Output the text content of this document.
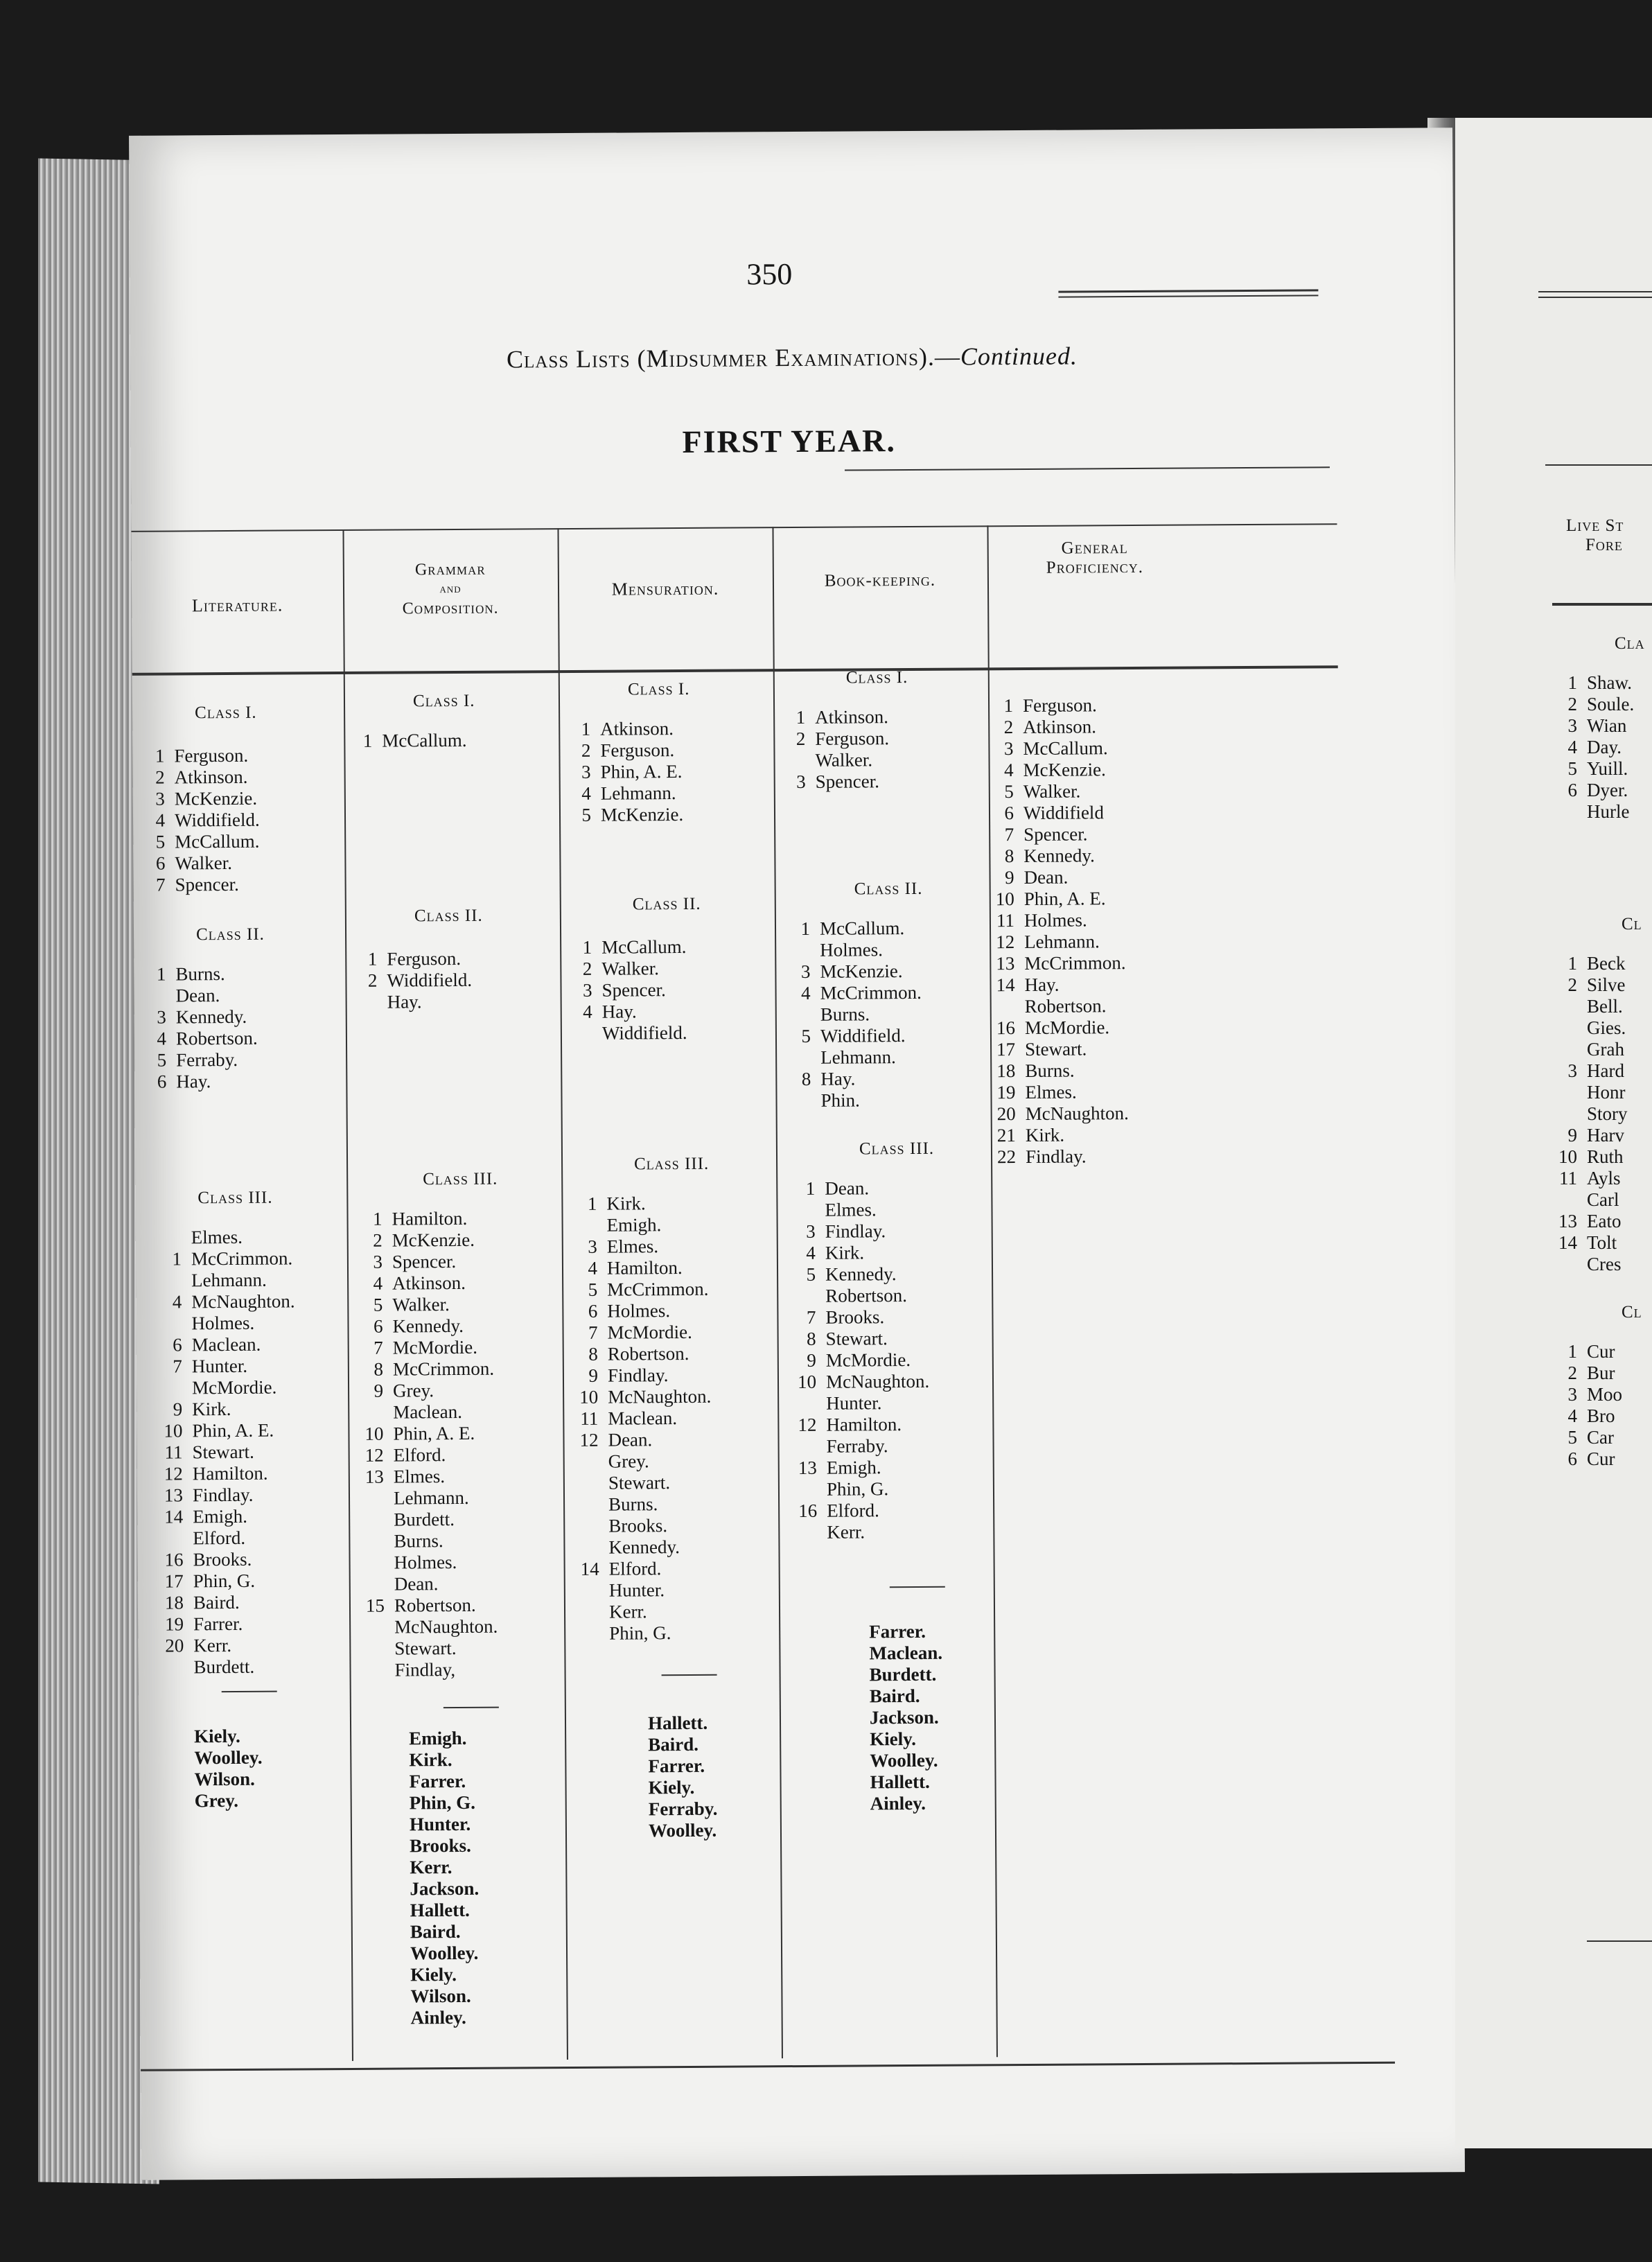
350
Class Lists (Midsummer Examinations).—Continued.
FIRST YEAR.
Literature.
Grammar
and
Composition.
Mensuration.	Book-keeping.
General
Proficiency.
Class I.
1 Ferguson.
2 Atkinson.
3 McKenzie.
4 Widdifield.
5 McCallum.
6 Walker.
7 Spencer.
Class II.
1 Burns.
Dean.
3 Kennedy.
4 Robertson.
5 Ferraby.
6 Hay.
Class III.
Elmes.
1 McCrimmon.
Lehmann.
4 McNaughton.
Holmes.
6 Maclean.
7 Hunter.
McMordie.
9 Kirk.
10 Phin, A. E.
11 Stewart.
12 Hamilton.
13 Findlay.
14 Emigh.
Elford.
16 Brooks.
17 Phin, G.
18 Baird.
19 Farrer.
20 Kerr.
Burdett.
Kiely.
Woolley.
Wilson.
Grey.
Class I.
1 McCallum.
Class II.
1 Ferguson.
2 Widdifield.
Hay.
Class III.
1 Hamilton.
2 McKenzie.
3 Spencer.
4 Atkinson.
5 Walker.
6 Kennedy.
7 McMordie.
8 McCrimmon.
9 Grey.
Maclean.
10 Phin, A. E.
12 Elford.
13 Elmes.
Lehmann.
Burdett.
Burns.
Holmes.
Dean.
15 Robertson.
McNaughton.
Stewart.
Findlay,
Emigh.
Kirk.
Farrer.
Phin, G.
Hunter.
Brooks.
Kerr.
Jackson.
Hallett.
Baird.
Woolley.
Kiely.
Wilson.
Ainley.
Class I.
1 Atkinson.
2 Ferguson.
3 Phin, A. E.
4 Lehmann.
5 McKenzie.
Class II.
1 McCallum.
2 Walker.
3 Spencer.
4 Hay.
Widdifield.
Class III.
1 Kirk.
Emigh.
3 Elmes.
4 Hamilton.
5 McCrimmon.
6 Holmes.
7 McMordie.
8 Robertson.
9 Findlay.
10 McNaughton.
11 Maclean.
12 Dean.
Grey.
Stewart.
Burns.
Brooks.
Kennedy.
14 Elford.
Hunter.
Kerr.
Phin, G.
Hallett.
Baird.
Farrer.
Kiely.
Ferraby.
Woolley.
Class I.
1 Atkinson.
2 Ferguson.
Walker.
3 Spencer.
Class II.
1 McCallum.
Holmes.
3 McKenzie.
4 McCrimmon.
Burns.
5 Widdifield.
Lehmann.
8 Hay.
Phin.
Class III.
1 Dean.
Elmes.
3 Findlay.
4 Kirk.
5 Kennedy.
Robertson.
7 Brooks.
8 Stewart.
9 McMordie.
10 McNaughton.
Hunter.
12 Hamilton.
Ferraby.
13 Emigh.
Phin, G.
16 Elford.
Kerr.
Farrer.
Maclean.
Burdett.
Baird.
Jackson.
Kiely.
Woolley.
Hallett.
Ainley.
1 Ferguson.
2 Atkinson.
3 McCallum.
4 McKenzie.
5 Walker.
6 Widdifield
7 Spencer.
8 Kennedy.
9 Dean.
10 Phin, A. E.
11 Holmes.
12 Lehmann.
13 McCrimmon.
14 Hay.
Robertson.
16 McMordie.
17 Stewart.
18 Burns.
19 Elmes.
20 McNaughton.
21 Kirk.
22 Findlay.
Live St
Fore
Cla
1 Shaw.
2 Soule.
3 Wian
4 Day.
5 Yuill.
6 Dyer.
Hurle
Cl
1 Beck
2 Silve
Bell.
Gies.
Grah
3 Hard
Honr
Story
9 Harv
10 Ruth
11 Ayls
Carl
13 Eato
14 Tolt
Cres
Cl
1 Cur
2 Bur
3 Moo
4 Bro
5 Car
6 Cur
